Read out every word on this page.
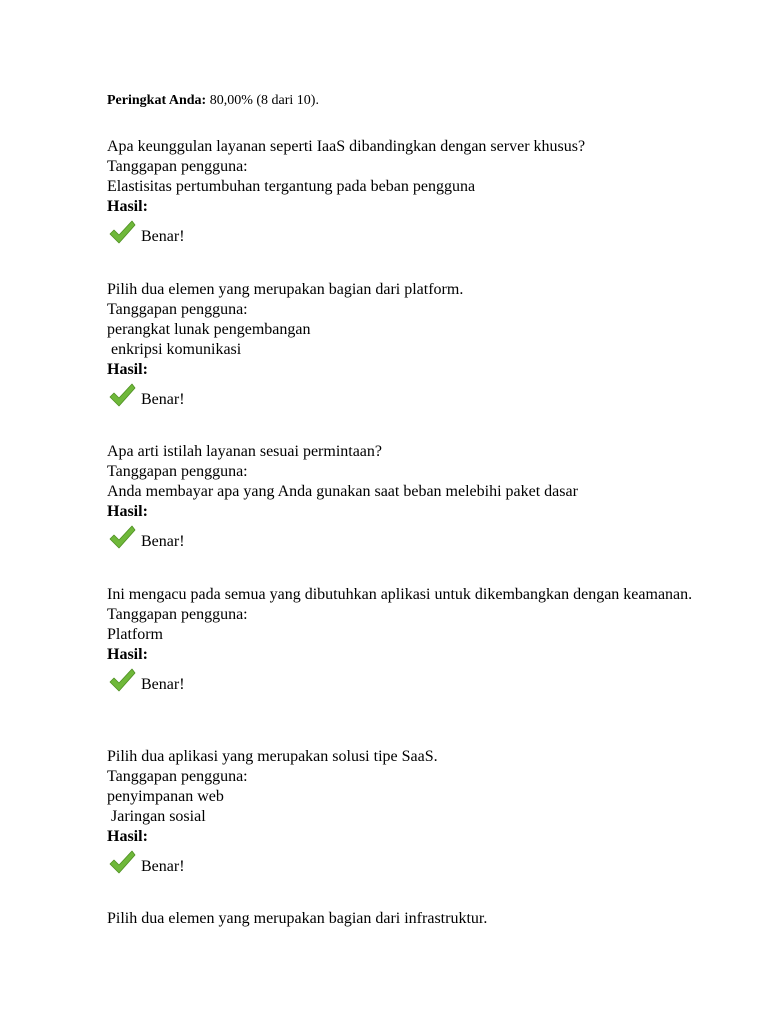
Peringkat Anda: 80,00% (8 dari 10).

Apa keunggulan layanan seperti IaaS dibandingkan dengan server khusus?
Tanggapan pengguna:
Elastisitas pertumbuhan tergantung pada beban pengguna
Hasil:
Benar!
Pilih dua elemen yang merupakan bagian dari platform.
Tanggapan pengguna:
perangkat lunak pengembangan
enkripsi komunikasi
Hasil:
Benar!
Apa arti istilah layanan sesuai permintaan?
Tanggapan pengguna:
Anda membayar apa yang Anda gunakan saat beban melebihi paket dasar
Hasil:
Benar!
Ini mengacu pada semua yang dibutuhkan aplikasi untuk dikembangkan dengan keamanan.
Tanggapan pengguna:
Platform
Hasil:
Benar!
Pilih dua aplikasi yang merupakan solusi tipe SaaS.
Tanggapan pengguna:
penyimpanan web
Jaringan sosial
Hasil:
Benar!
Pilih dua elemen yang merupakan bagian dari infrastruktur.
